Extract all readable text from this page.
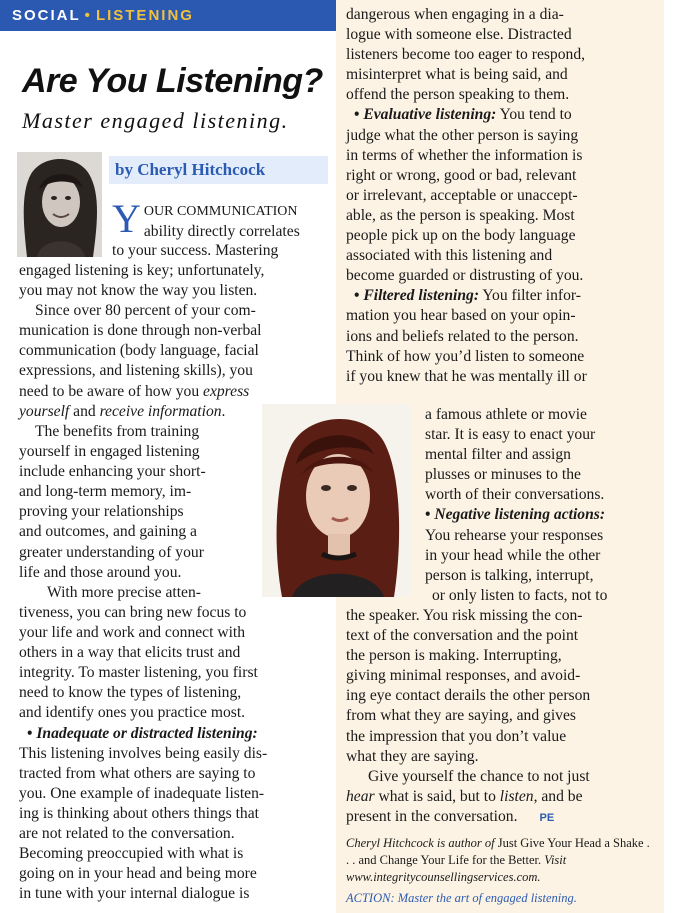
SOCIAL • LISTENING
Are You Listening?
Master engaged listening.
by Cheryl Hitchcock
YOUR COMMUNICATION
ability directly correlates
to your success. Mastering
engaged listening is key; unfortunately,
you may not know the way you listen.
Since over 80 percent of your com-
munication is done through non-verbal
communication (body language, facial
expressions, and listening skills), you
need to be aware of how you express
yourself and receive information.
The benefits from training
yourself in engaged listening
include enhancing your short-
and long-term memory, im-
proving your relationships
and outcomes, and gaining a
greater understanding of your
life and those around you.
With more precise atten-
tiveness, you can bring new focus to
your life and work and connect with
others in a way that elicits trust and
integrity. To master listening, you first
need to know the types of listening,
and identify ones you practice most.
• Inadequate or distracted listening:
This listening involves being easily dis-
tracted from what others are saying to
you. One example of inadequate listen-
ing is thinking about others things that
are not related to the conversation.
Becoming preoccupied with what is
going on in your head and being more
in tune with your internal dialogue is
dangerous when engaging in a dia-
logue with someone else. Distracted
listeners become too eager to respond,
misinterpret what is being said, and
offend the person speaking to them.
• Evaluative listening: You tend to
judge what the other person is saying
in terms of whether the information is
right or wrong, good or bad, relevant
or irrelevant, acceptable or unaccept-
able, as the person is speaking. Most
people pick up on the body language
associated with this listening and
become guarded or distrusting of you.
• Filtered listening: You filter infor-
mation you hear based on your opin-
ions and beliefs related to the person.
Think of how you’d listen to someone
if you knew that he was mentally ill or
a famous athlete or movie
star. It is easy to enact your
mental filter and assign
plusses or minuses to the
worth of their conversations.
• Negative listening actions:
You rehearse your responses
in your head while the other
person is talking, interrupt,
or only listen to facts, not to
the speaker. You risk missing the con-
text of the conversation and the point
the person is making. Interrupting,
giving minimal responses, and avoid-
ing eye contact derails the other person
from what they are saying, and gives
the impression that you don’t value
what they are saying.
Give yourself the chance to not just
hear what is said, but to listen, and be
present in the conversation. PE
Cheryl Hitchcock is author of Just Give Your Head a Shake . . . and Change Your Life for the Better. Visit www.integritycounsellingservices.com.
ACTION: Master the art of engaged listening.
